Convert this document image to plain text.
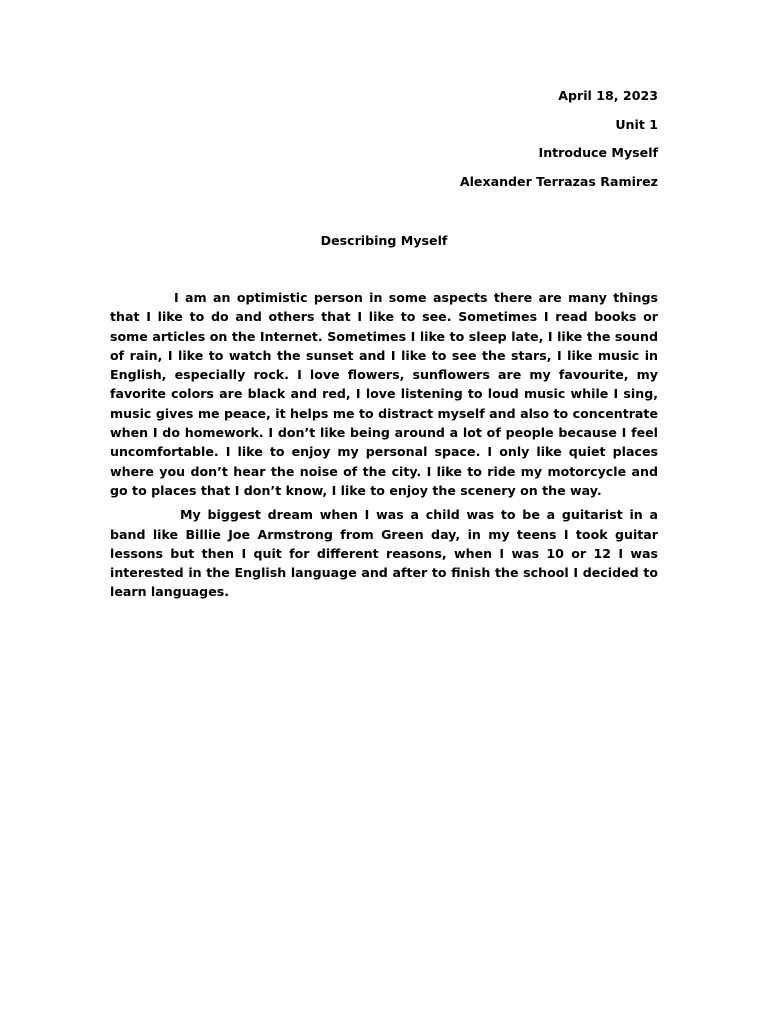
April 18, 2023

Unit 1

Introduce Myself

Alexander Terrazas Ramirez

Describing Myself

I am an optimistic person in some aspects there are many things that I like to do and others that I like to see. Sometimes I read books or some articles on the Internet. Sometimes I like to sleep late, I like the sound of rain, I like to watch the sunset and I like to see the stars, I like music in English, especially rock. I love flowers, sunflowers are my favourite, my favorite colors are black and red, I love listening to loud music while I sing, music gives me peace, it helps me to distract myself and also to concentrate when I do homework. I don’t like being around a lot of people because I feel uncomfortable. I like to enjoy my personal space. I only like quiet places where you don’t hear the noise of the city. I like to ride my motorcycle and go to places that I don’t know, I like to enjoy the scenery on the way.

My biggest dream when I was a child was to be a guitarist in a band like Billie Joe Armstrong from Green day, in my teens I took guitar lessons but then I quit for different reasons, when I was 10 or 12 I was interested in the English language and after to finish the school I decided to learn languages.
